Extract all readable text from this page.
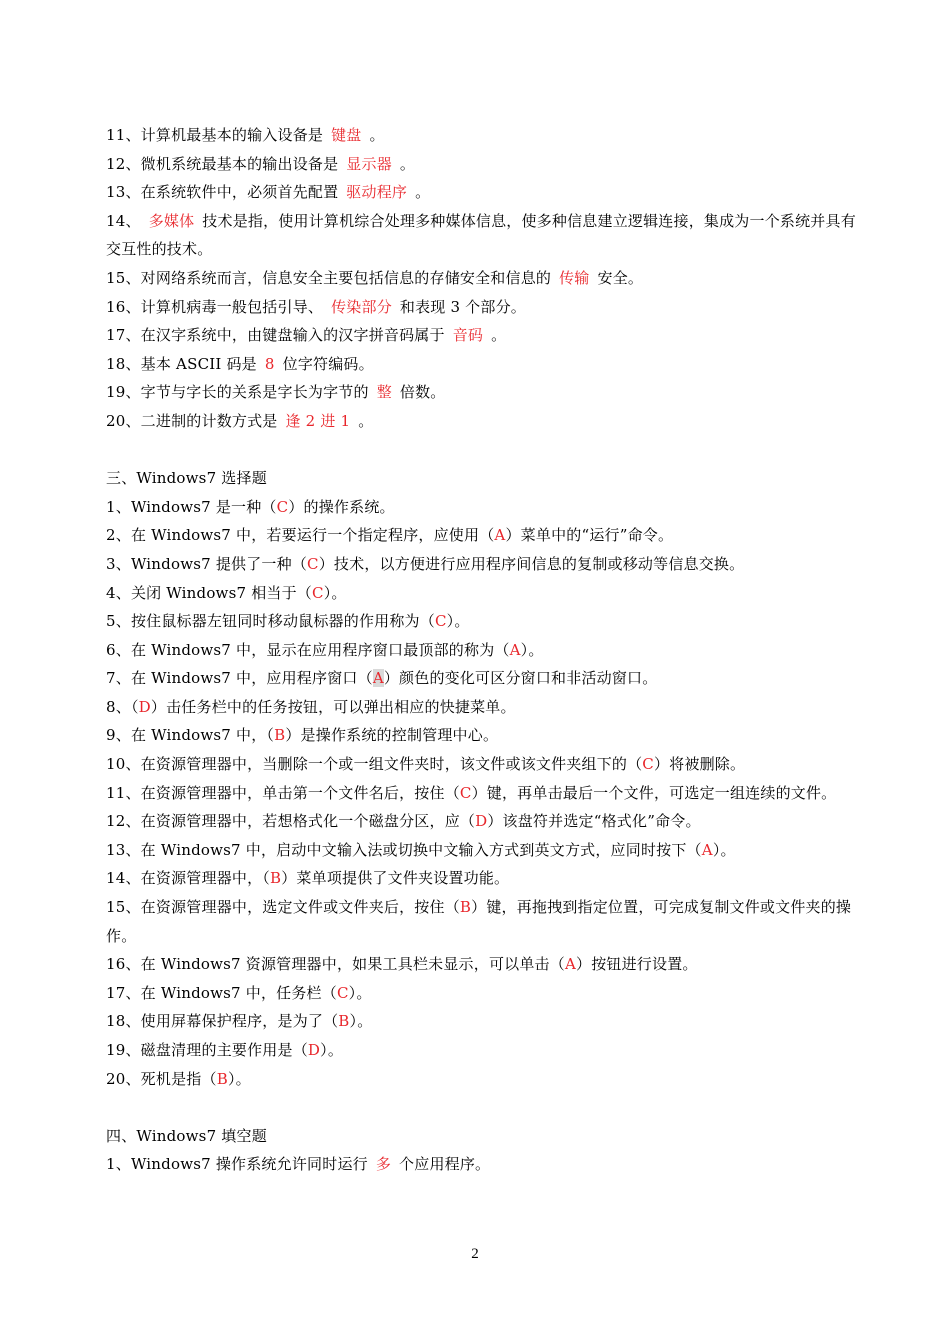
11、计算机最基本的输入设备是 键盘 。
12、微机系统最基本的输出设备是 显示器 。
13、在系统软件中，必须首先配置 驱动程序 。
14、 多媒体 技术是指，使用计算机综合处理多种媒体信息，使多种信息建立逻辑连接，集成为一个系统并具有交互性的技术。
15、对网络系统而言，信息安全主要包括信息的存储安全和信息的 传输 安全。
16、计算机病毒一般包括引导、 传染部分 和表现 3 个部分。
17、在汉字系统中，由键盘输入的汉字拼音码属于 音码 。
18、基本 ASCII 码是 8 位字符编码。
19、字节与字长的关系是字长为字节的 整 倍数。
20、二进制的计数方式是 逢 2 进 1 。
三、Windows7 选择题
1、Windows7 是一种（C）的操作系统。
2、在 Windows7 中，若要运行一个指定程序，应使用（A）菜单中的“运行”命令。
3、Windows7 提供了一种（C）技术，以方便进行应用程序间信息的复制或移动等信息交换。
4、关闭 Windows7 相当于（C）。
5、按住鼠标器左钮同时移动鼠标器的作用称为（C）。
6、在 Windows7 中，显示在应用程序窗口最顶部的称为（A）。
7、在 Windows7 中，应用程序窗口（A）颜色的变化可区分窗口和非活动窗口。
8、（D）击任务栏中的任务按钮，可以弹出相应的快捷菜单。
9、在 Windows7 中，（B）是操作系统的控制管理中心。
10、在资源管理器中，当删除一个或一组文件夹时，该文件或该文件夹组下的（C）将被删除。
11、在资源管理器中，单击第一个文件名后，按住（C）键，再单击最后一个文件，可选定一组连续的文件。
12、在资源管理器中，若想格式化一个磁盘分区，应（D）该盘符并选定“格式化”命令。
13、在 Windows7 中，启动中文输入法或切换中文输入方式到英文方式，应同时按下（A）。
14、在资源管理器中，（B）菜单项提供了文件夹设置功能。
15、在资源管理器中，选定文件或文件夹后，按住（B）键，再拖拽到指定位置，可完成复制文件或文件夹的操作。
16、在 Windows7 资源管理器中，如果工具栏未显示，可以单击（A）按钮进行设置。
17、在 Windows7 中，任务栏（C）。
18、使用屏幕保护程序，是为了（B）。
19、磁盘清理的主要作用是（D）。
20、死机是指（B）。
四、Windows7 填空题
1、Windows7 操作系统允许同时运行 多 个应用程序。
2
